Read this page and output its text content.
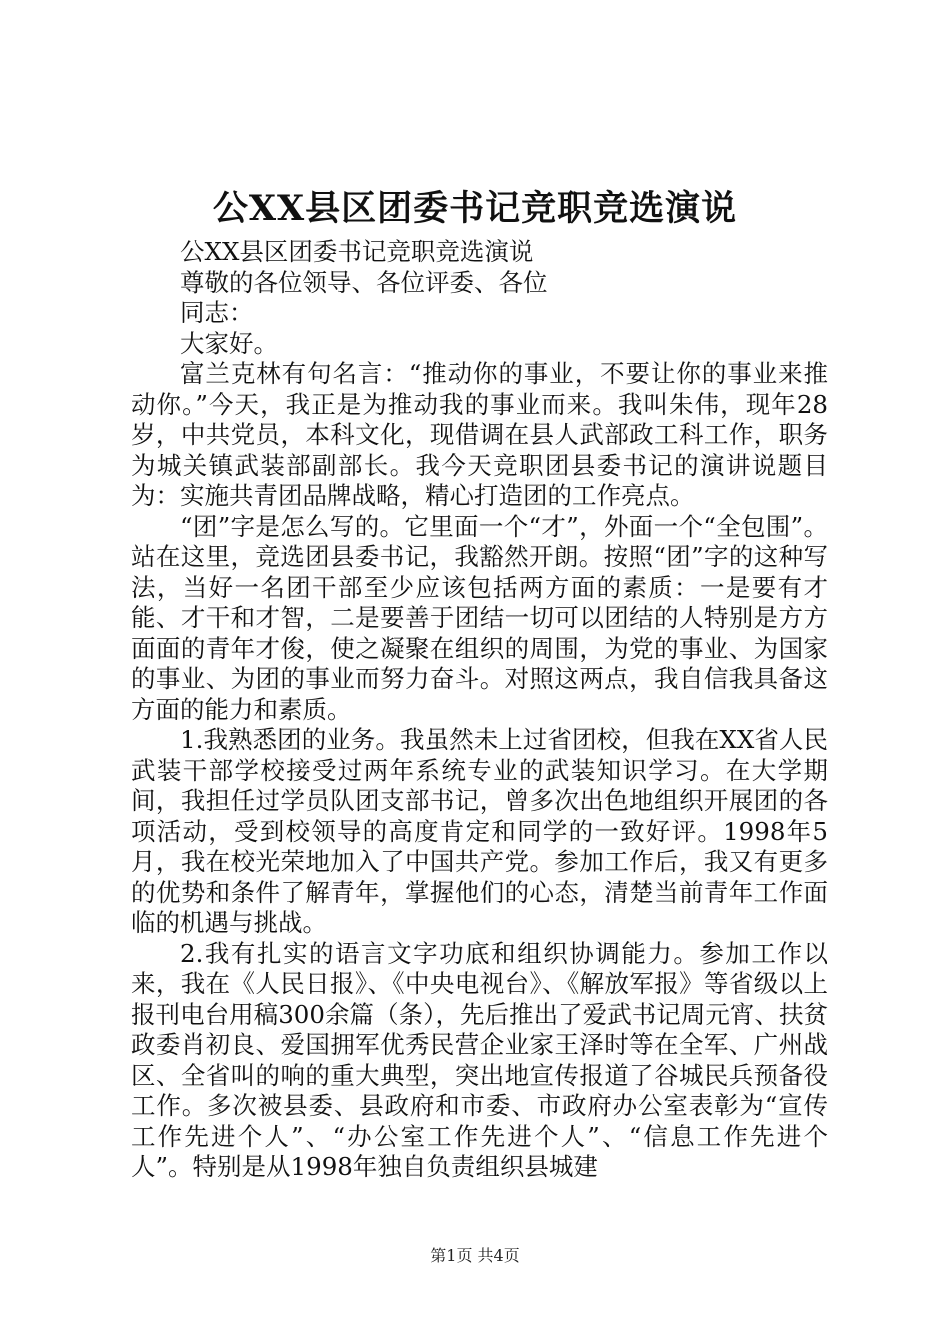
公XX县区团委书记竞职竞选演说

公XX县区团委书记竞职竞选演说

尊敬的各位领导、各位评委、各位

同志：

大家好。

富兰克林有句名言：“推动你的事业，不要让你的事业来推动你。”今天，我正是为推动我的事业而来。我叫朱伟，现年28岁，中共党员，本科文化，现借调在县人武部政工科工作，职务为城关镇武装部副部长。我今天竞职团县委书记的演讲说题目为：实施共青团品牌战略，精心打造团的工作亮点。

“团”字是怎么写的。它里面一个“才”，外面一个“全包围”。站在这里，竞选团县委书记，我豁然开朗。按照“团”字的这种写法，当好一名团干部至少应该包括两方面的素质：一是要有才能、才干和才智，二是要善于团结一切可以团结的人特别是方方面面的青年才俊，使之凝聚在组织的周围，为党的事业、为国家的事业、为团的事业而努力奋斗。对照这两点，我自信我具备这方面的能力和素质。

1.我熟悉团的业务。我虽然未上过省团校，但我在XX省人民武装干部学校接受过两年系统专业的武装知识学习。在大学期间，我担任过学员队团支部书记，曾多次出色地组织开展团的各项活动，受到校领导的高度肯定和同学的一致好评。1998年5月，我在校光荣地加入了中国共产党。参加工作后，我又有更多的优势和条件了解青年，掌握他们的心态，清楚当前青年工作面临的机遇与挑战。

2.我有扎实的语言文字功底和组织协调能力。参加工作以来，我在《人民日报》、《中央电视台》、《解放军报》等省级以上报刊电台用稿300余篇（条），先后推出了爱武书记周元宵、扶贫政委肖初良、爱国拥军优秀民营企业家王泽时等在全军、广州战区、全省叫的响的重大典型，突出地宣传报道了谷城民兵预备役工作。多次被县委、县政府和市委、市政府办公室表彰为“宣传工作先进个人”、“办公室工作先进个人”、“信息工作先进个人”。特别是从1998年独自负责组织县城建

第1页 共4页
